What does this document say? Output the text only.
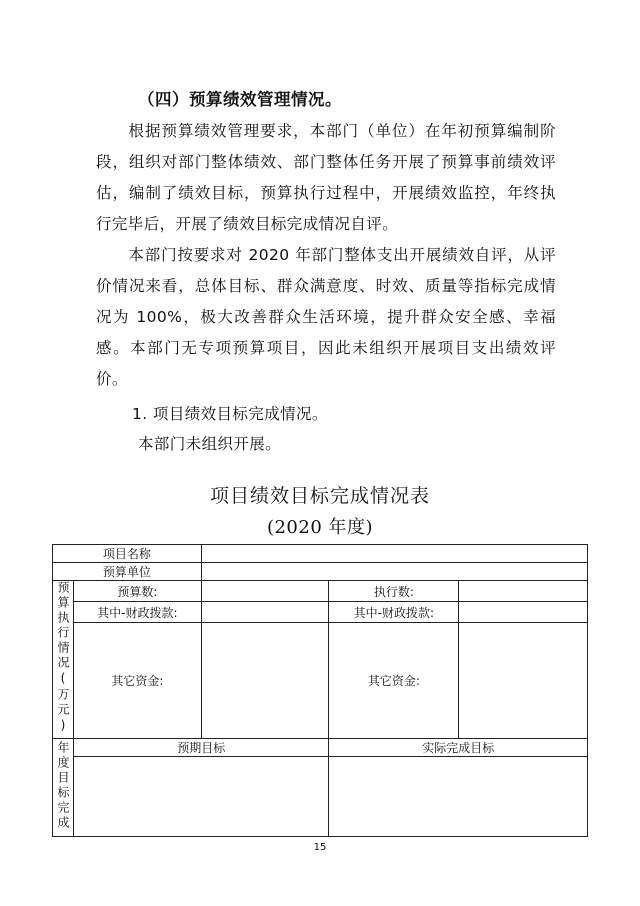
（四）预算绩效管理情况。
根据预算绩效管理要求，本部门（单位）在年初预算编制阶段，组织对部门整体绩效、部门整体任务开展了预算事前绩效评估，编制了绩效目标，预算执行过程中，开展绩效监控，年终执行完毕后，开展了绩效目标完成情况自评。
本部门按要求对 2020 年部门整体支出开展绩效自评，从评价情况来看，总体目标、群众满意度、时效、质量等指标完成情况为 100%，极大改善群众生活环境，提升群众安全感、幸福感。本部门无专项预算项目，因此未组织开展项目支出绩效评价。
1. 项目绩效目标完成情况。
本部门未组织开展。
项目绩效目标完成情况表
(2020 年度)
项目名称				
预算单位				
预算执行情况(万元)	预算数:		执行数:	
	其中-财政拨款:		其中-财政拨款:	
	其它资金:		其它资金:	
年度目标完成	预期目标		实际完成目标	

15
